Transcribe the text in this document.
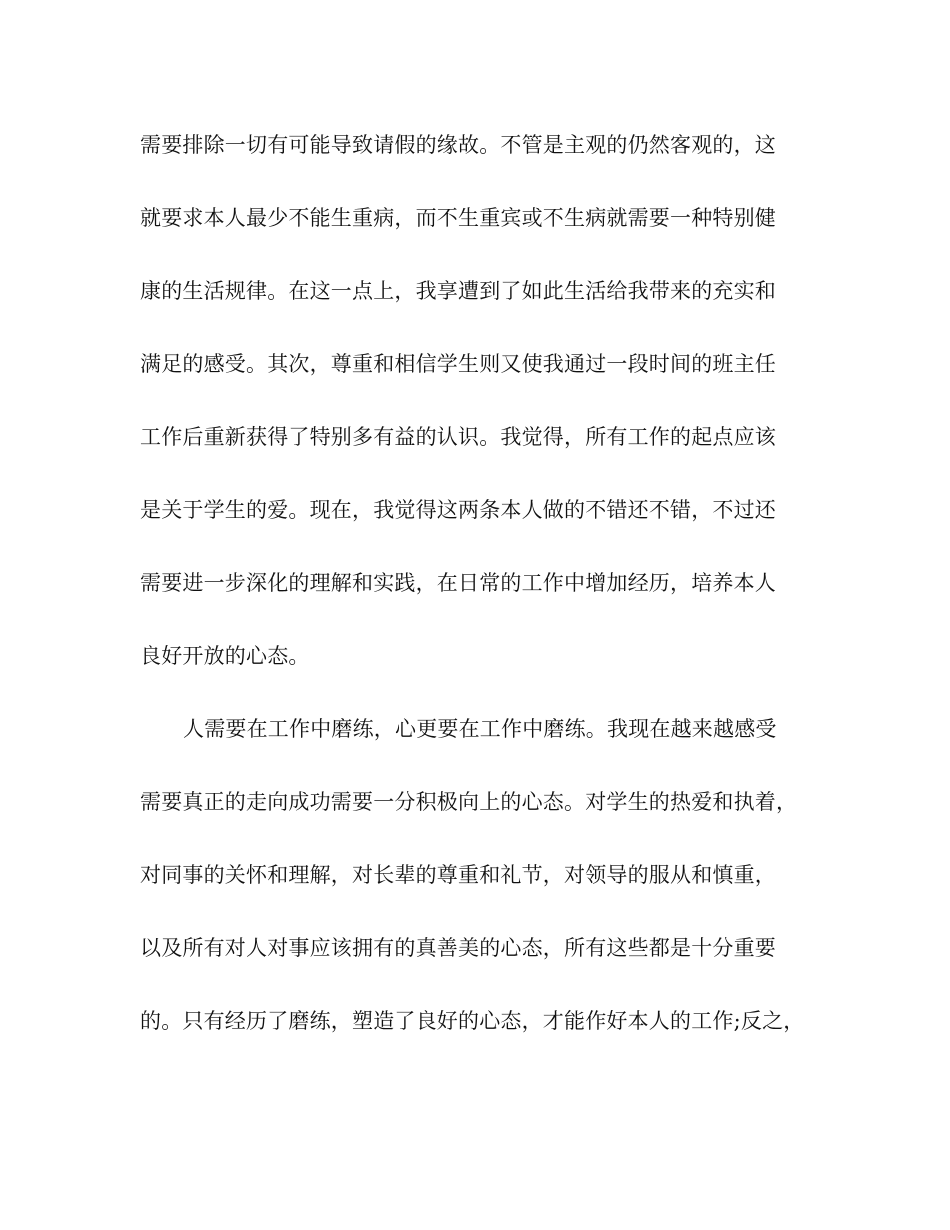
需要排除一切有可能导致请假的缘故。不管是主观的仍然客观的，这
就要求本人最少不能生重病，而不生重宾或不生病就需要一种特别健
康的生活规律。在这一点上，我享遭到了如此生活给我带来的充实和
满足的感受。其次，尊重和相信学生则又使我通过一段时间的班主任
工作后重新获得了特别多有益的认识。我觉得，所有工作的起点应该
是关于学生的爱。现在，我觉得这两条本人做的不错还不错，不过还
需要进一步深化的理解和实践，在日常的工作中增加经历，培养本人
良好开放的心态。
人需要在工作中磨练，心更要在工作中磨练。我现在越来越感受
需要真正的走向成功需要一分积极向上的心态。对学生的热爱和执着，
对同事的关怀和理解，对长辈的尊重和礼节，对领导的服从和慎重，
以及所有对人对事应该拥有的真善美的心态，所有这些都是十分重要
的。只有经历了磨练，塑造了良好的心态，才能作好本人的工作;反之，
